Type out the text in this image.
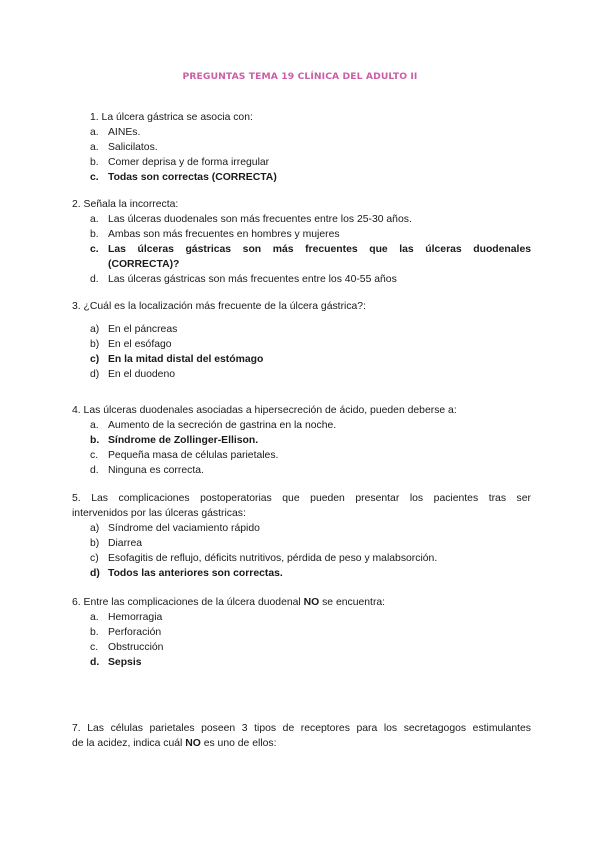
PREGUNTAS TEMA 19 CLÍNICA DEL ADULTO II
1. La úlcera gástrica se asocia con:
a. AINEs.
a. Salicilatos.
b. Comer deprisa y de forma irregular
c. Todas son correctas (CORRECTA)
2. Señala la incorrecta:
a. Las úlceras duodenales son más frecuentes entre los 25-30 años.
b. Ambas son más frecuentes en hombres y mujeres
c. Las úlceras gástricas son más frecuentes que las úlceras duodenales
(CORRECTA)?
d. Las úlceras gástricas son más frecuentes entre los 40-55 años
3. ¿Cuál es la localización más frecuente de la úlcera gástrica?:
a) En el páncreas
b) En el esófago
c) En la mitad distal del estómago
d) En el duodeno
4. Las úlceras duodenales asociadas a hipersecreción de ácido, pueden deberse a:
a. Aumento de la secreción de gastrina en la noche.
b. Síndrome de Zollinger-Ellison.
c. Pequeña masa de células parietales.
d. Ninguna es correcta.
5. Las complicaciones postoperatorias que pueden presentar los pacientes tras ser
intervenidos por las úlceras gástricas:
a) Síndrome del vaciamiento rápido
b) Diarrea
c) Esofagitis de reflujo, déficits nutritivos, pérdida de peso y malabsorción.
d) Todos las anteriores son correctas.
6. Entre las complicaciones de la úlcera duodenal NO se encuentra:
a. Hemorragia
b. Perforación
c. Obstrucción
d. Sepsis
7. Las células parietales poseen 3 tipos de receptores para los secretagogos estimulantes
de la acidez, indica cuál NO es uno de ellos:
